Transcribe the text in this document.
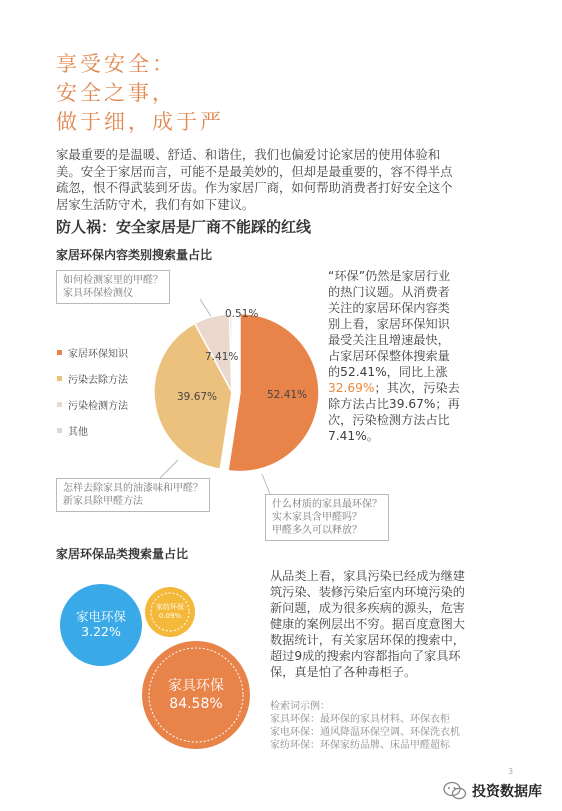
享受安全：
安全之事，
做于细，成于严
家最重要的是温暖、舒适、和谐住，我们也偏爱讨论家居的使用体验和美。安全于家居而言，可能不是最美妙的，但却是最重要的，容不得半点疏忽，恨不得武装到牙齿。作为家居厂商，如何帮助消费者打好安全这个居家生活防守术，我们有如下建议。
防人祸：安全家居是厂商不能踩的红线
家居环保内容类别搜索量占比
如何检测家里的甲醛？
家具环保检测仪
家居环保知识
污染去除方法
污染检测方法
其他
52.41%
39.67%
7.41%
0.51%
怎样去除家具的油漆味和甲醛？
新家具除甲醛方法	什么材质的家具最环保？
实木家具含甲醛吗？
甲醛多久可以释放？
“环保”仍然是家居行业的热门议题。从消费者关注的家居环保内容类别上看，家居环保知识最受关注且增速最快，占家居环保整体搜索量的52.41%，同比上涨32.69%；其次，污染去除方法占比39.67%；再次，污染检测方法占比7.41%。
家居环保品类搜索量占比
家电环保
3.22%
家纺环保
0.09%
家具环保
84.58%
从品类上看，家具污染已经成为继建筑污染、装修污染后室内环境污染的新问题，成为很多疾病的源头，危害健康的案例层出不穷。据百度意图大数据统计，有关家居环保的搜索中，超过9成的搜索内容都指向了家具环保，真是怕了各种毒柜子。
检索词示例：
家具环保：最环保的家具材料、环保衣柜
家电环保：通风降温环保空调、环保洗衣机
家纺环保：环保家纺品牌、床品甲醛超标
3
投资数据库
